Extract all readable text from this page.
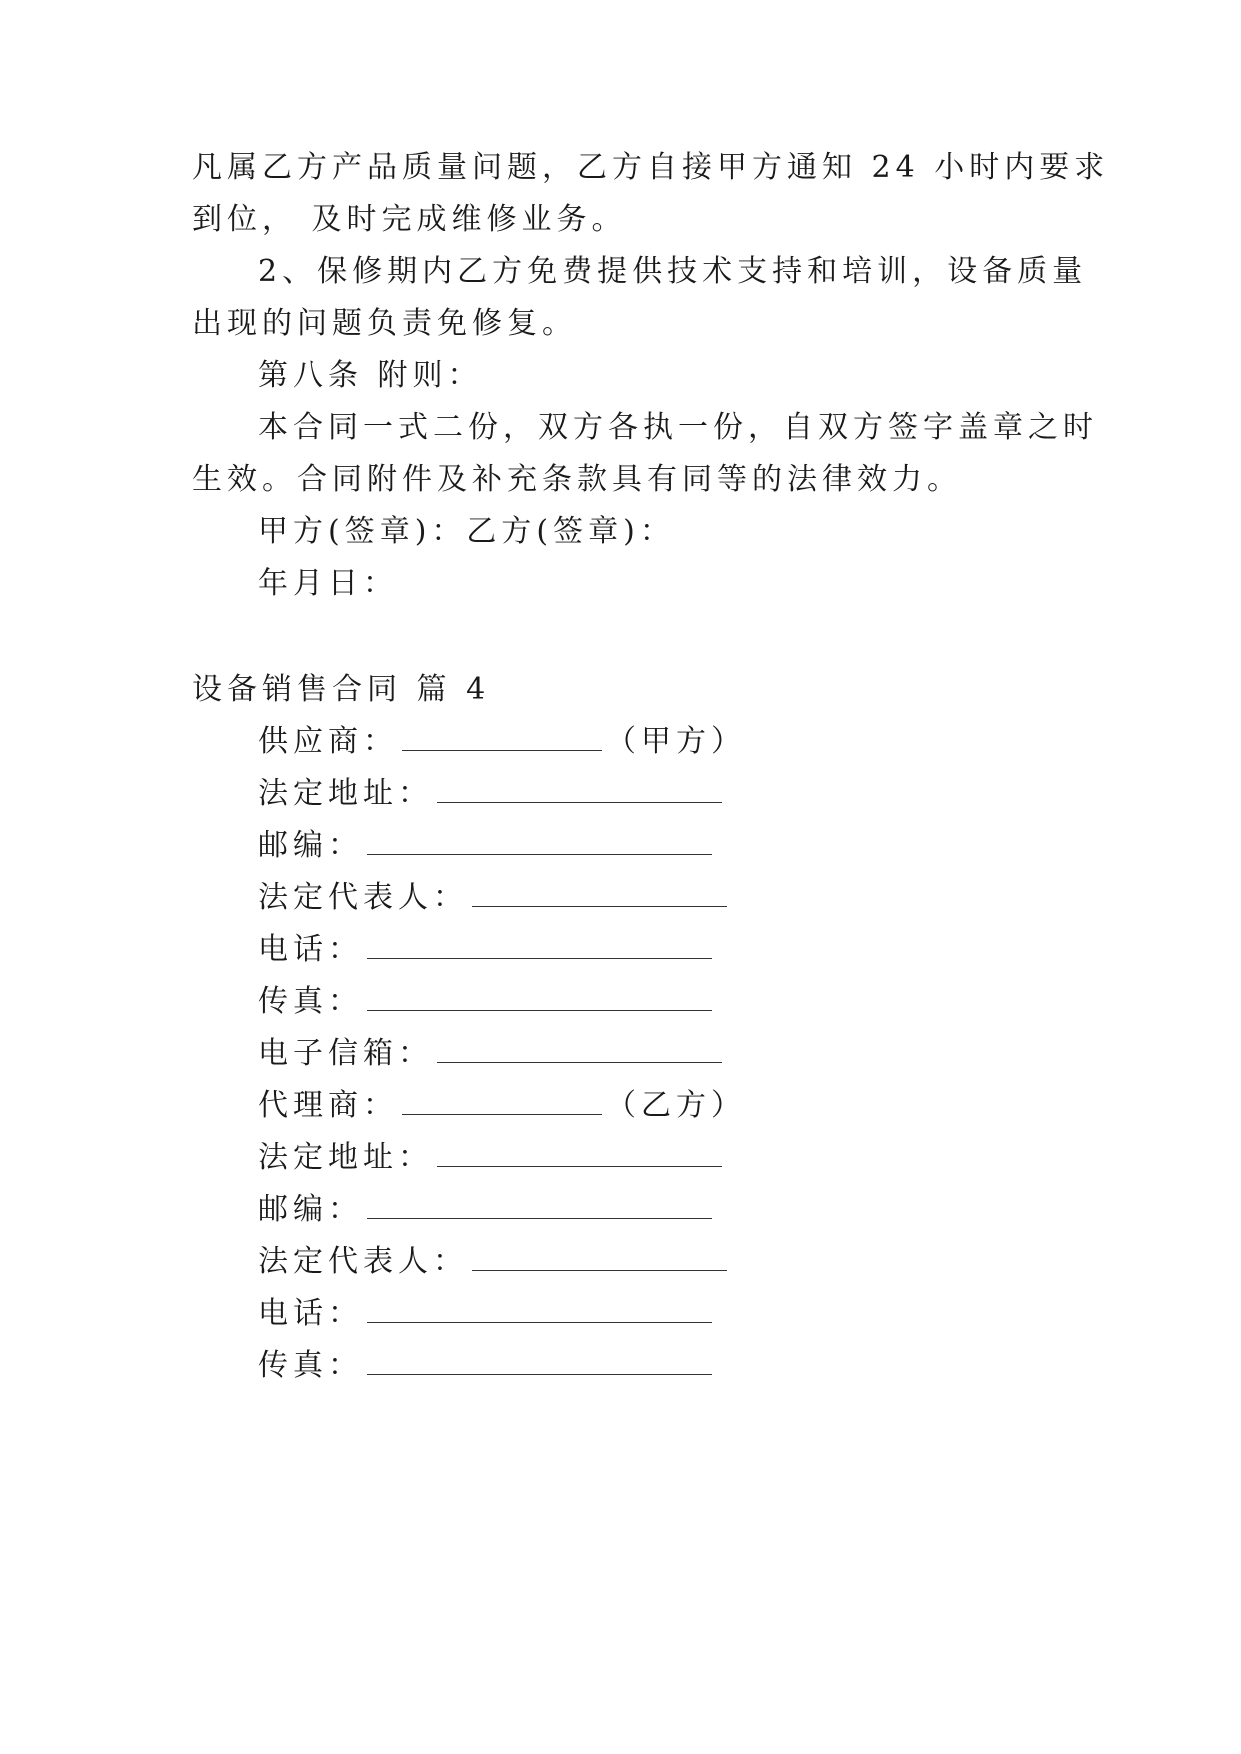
凡属乙方产品质量问题，乙方自接甲方通知 24 小时内要求
到位， 及时完成维修业务。
2、保修期内乙方免费提供技术支持和培训，设备质量
出现的问题负责免修复。
第八条 附则：
本合同一式二份，双方各执一份，自双方签字盖章之时
生效。合同附件及补充条款具有同等的法律效力。
甲方(签章)：乙方(签章)：
年月日：
设备销售合同 篇 4
供应商：	（甲方）
法定地址：
邮编：
法定代表人：
电话：
传真：
电子信箱：
代理商：	（乙方）
法定地址：
邮编：
法定代表人：
电话：
传真：
